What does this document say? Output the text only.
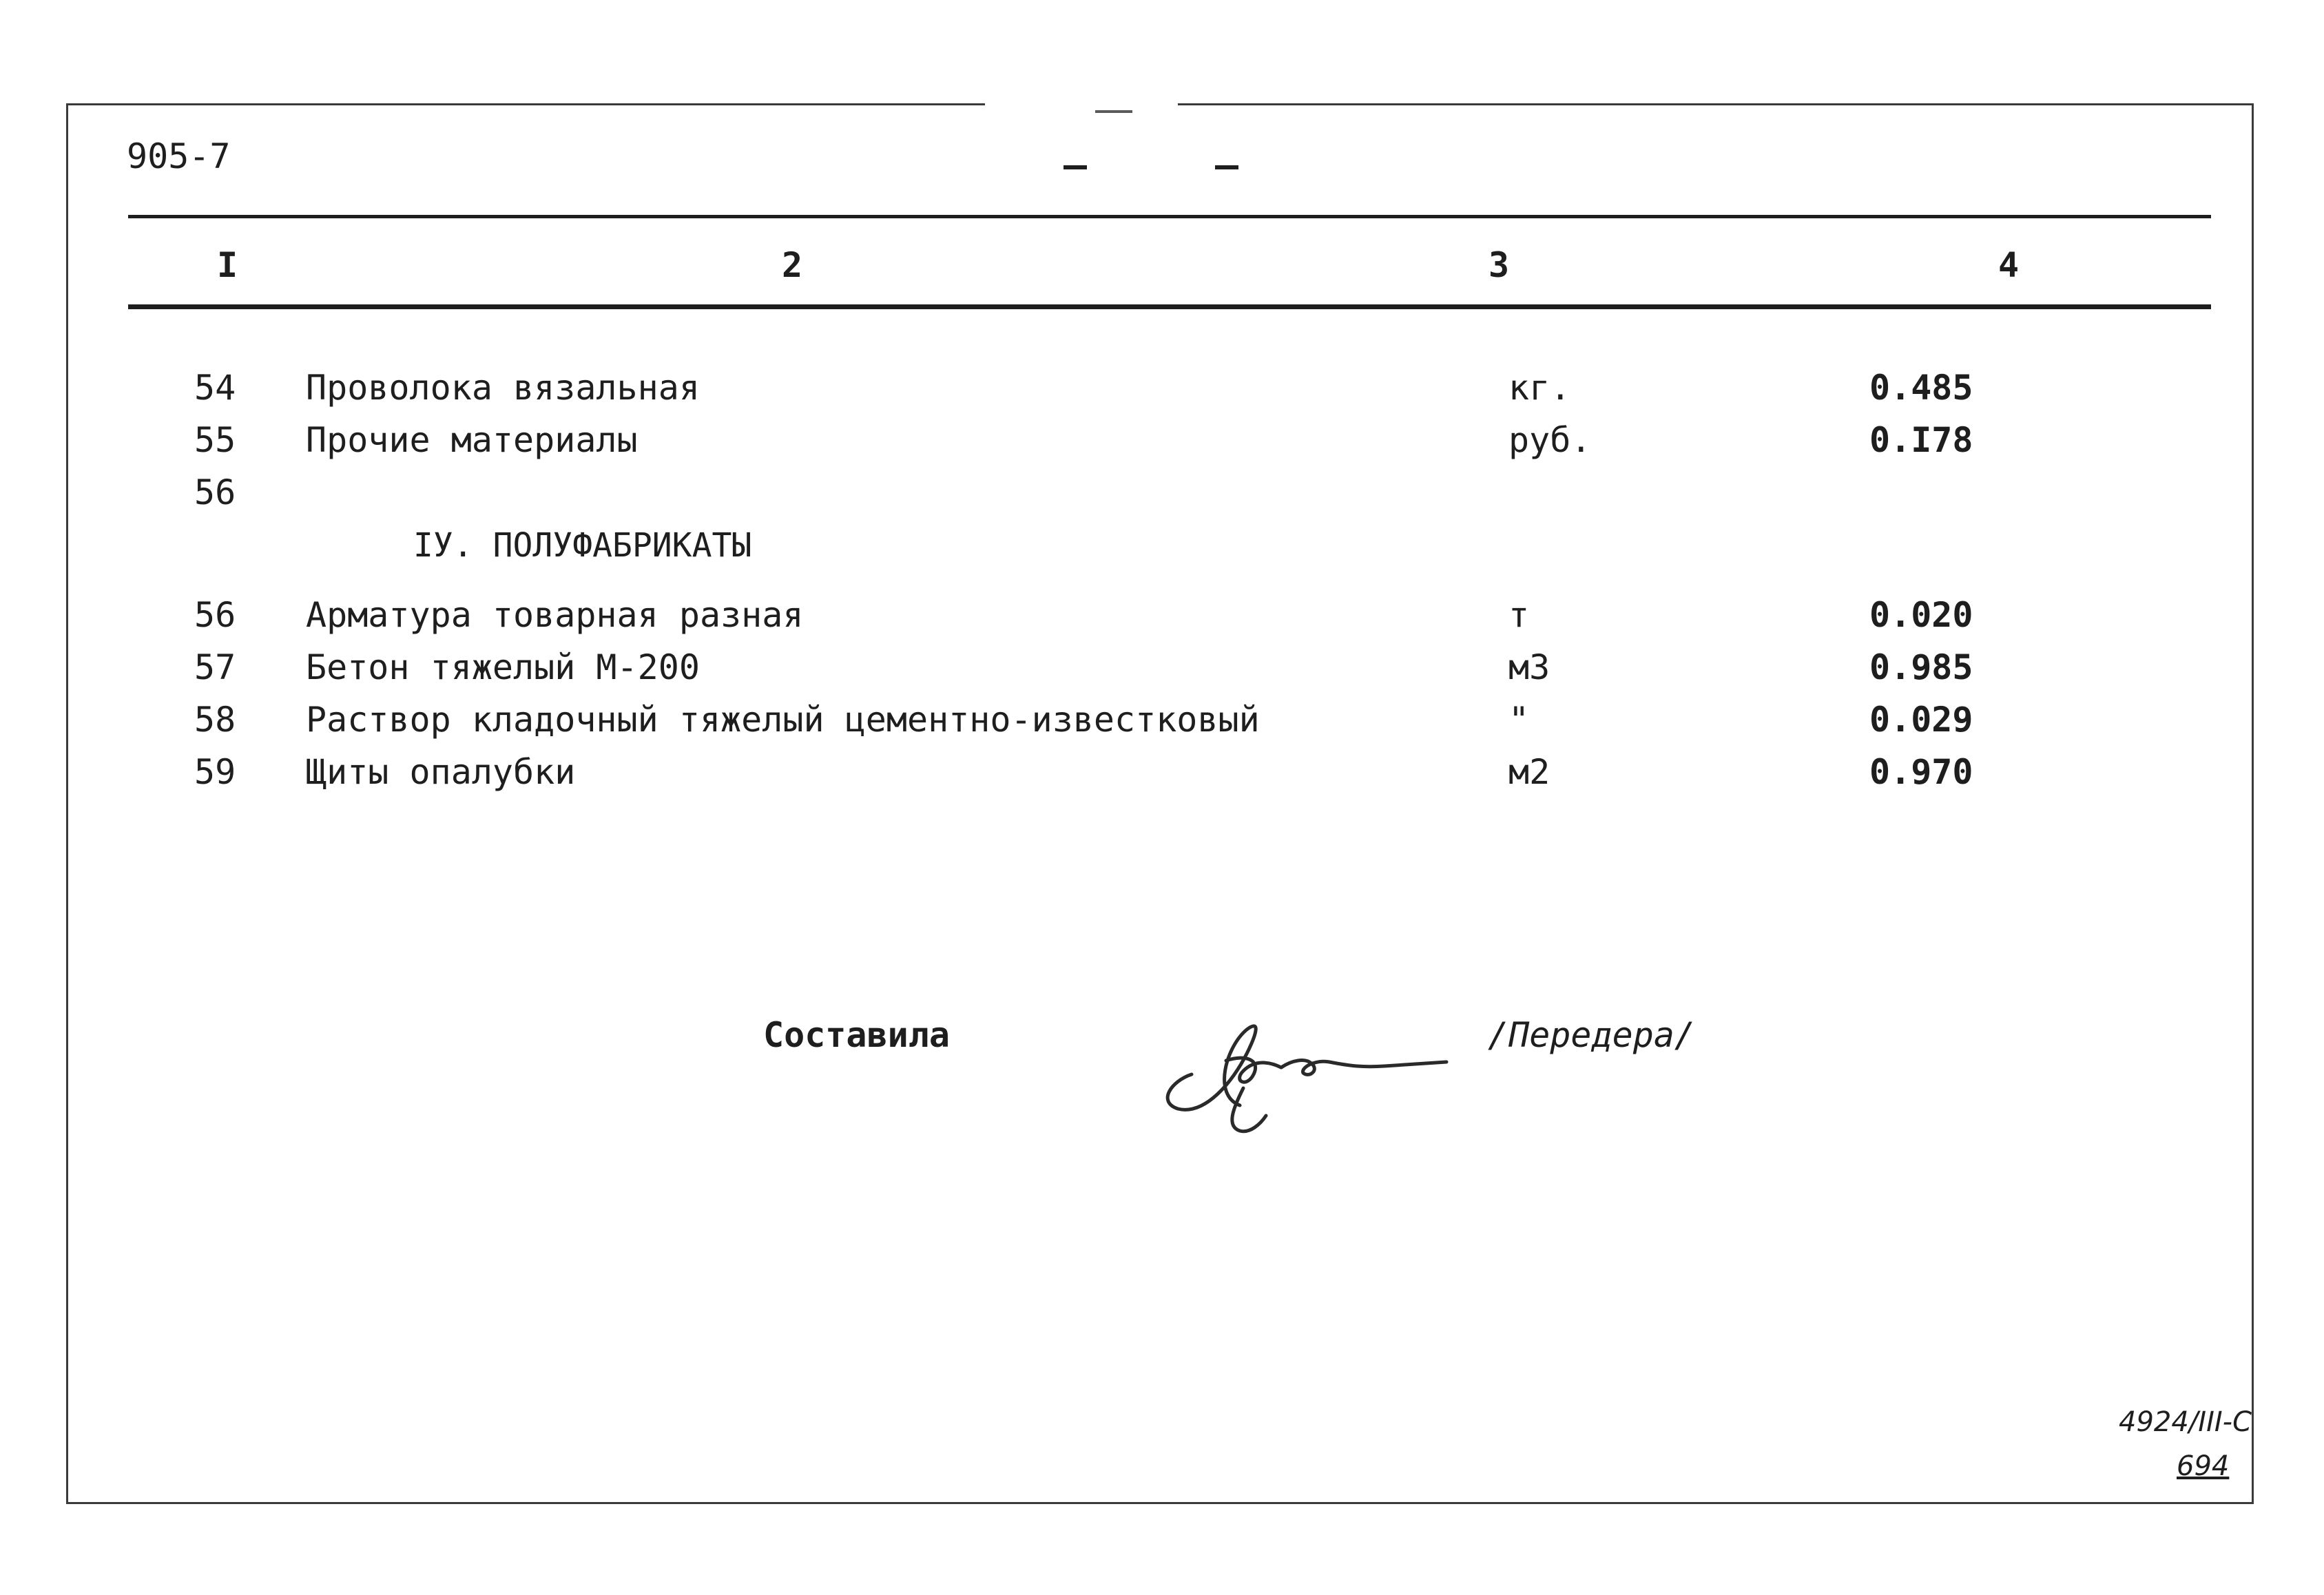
905-7
I	2	3	4
54 Проволока вязальная	кг.	0.485
55 Прочие материалы	руб.	0.I78
56
IУ. ПОЛУФАБРИКАТЫ
56 Арматура товарная разная	т	0.020
57 Бетон тяжелый М-200	м3	0.985
58 Раствор кладочный тяжелый цементно-известковый	"	0.029
59 Щиты опалубки	м2	0.970
Составила	/Передера/
4924/III-C
694
